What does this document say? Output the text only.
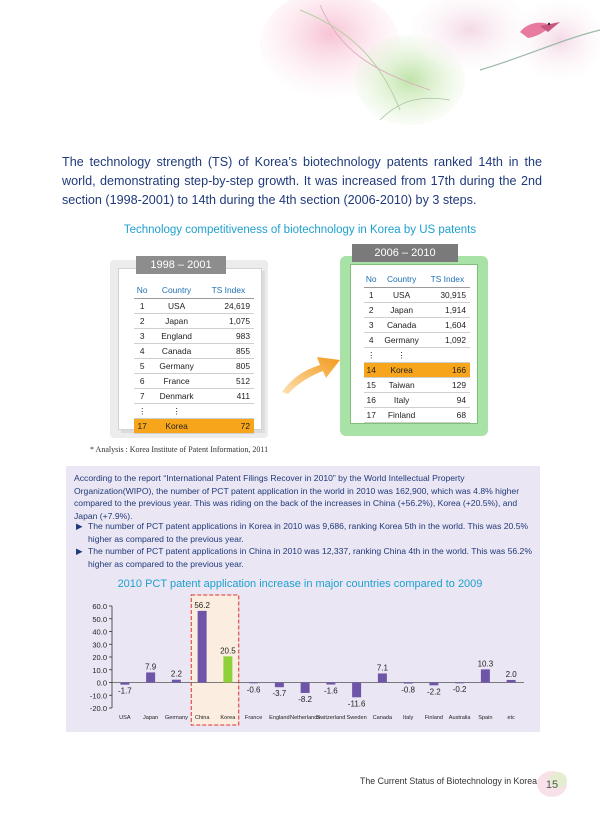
The technology strength (TS) of Korea’s biotechnology patents ranked 14th in the world, demonstrating step-by-step growth. It was increased from 17th during the 2nd section (1998-2001) to 14th during the 4th section (2006-2010) by 3 steps.

Technology competitiveness of biotechnology in Korea by US patents
1998 – 2001
No	Country	TS Index
1	USA	24,619
2	Japan	1,075
3	England	983
4	Canada	855
5	Germany	805
6	France	512
7	Denmark	411
⋮	⋮	
17	Korea	72
2006 – 2010
No	Country	TS Index
1	USA	30,915
2	Japan	1,914
3	Canada	1,604
4	Germany	1,092
⋮	⋮	
14	Korea	166
15	Taiwan	129
16	Italy	94
17	Finland	68
* Analysis : Korea Institute of Patent Information, 2011

According to the report “International Patent Filings Recover in 2010” by the World Intellectual Property Organization(WIPO), the number of PCT patent application in the world in 2010 was 162,900, which was 4.8% higher compared to the previous year. This was riding on the back of the increases in China (+56.2%), Korea (+20.5%), and Japan (+7.9%).

▶ The number of PCT patent applications in Korea in 2010 was 9,686, ranking Korea 5th in the world. This was 20.5% higher as compared to the previous year.
▶ The number of PCT patent applications in China in 2010 was 12,337, ranking China 4th in the world. This was 56.2% higher as compared to the previous year.
2010 PCT patent application increase in major countries compared to 2009
60.0
50.0
40.0
30.0
20.0
10.0
0.0
-10.0
-20.0
-1.7
USA
7.9
Japan
2.2
Germany
56.2
China
20.5
Korea
-0.6
France
-3.7
England
-8.2
Netherlands
-1.6
Switzerland
-11.6
Sweden
7.1
Canada
-0.8
Italy
-2.2
Finland
-0.2
Australia
10.3
Spain
2.0
etc
The Current Status of Biotechnology in Korea 15
